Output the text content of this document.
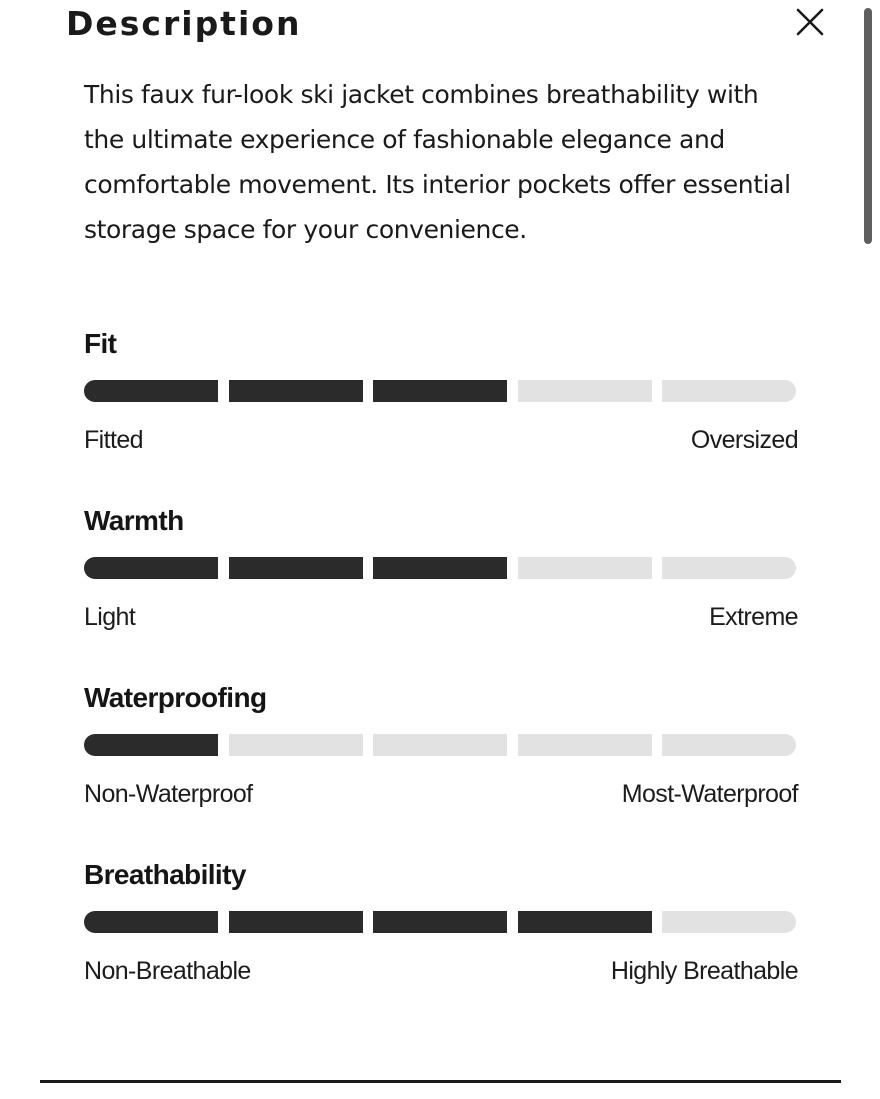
Description

This faux fur-look ski jacket combines breathability with the ultimate experience of fashionable elegance and comfortable movement. Its interior pockets offer essential storage space for your convenience.

Fit
Fitted	Oversized
Warmth
Light	Extreme
Waterproofing
Non-Waterproof	Most-Waterproof
Breathability
Non-Breathable	Highly Breathable
